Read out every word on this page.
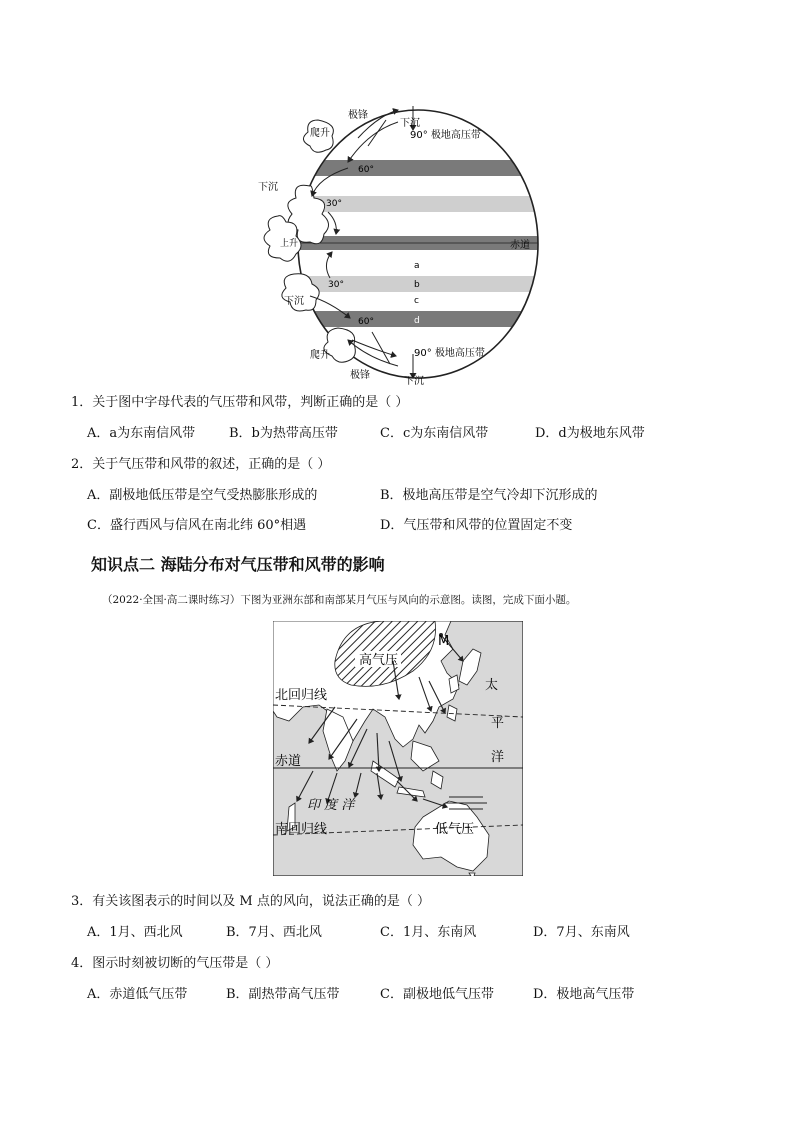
极锋
下沉
90° 极地高压带
爬升
60°
下沉
30°
上升	赤道
a
下沉
30°	b
c
60°	d
90° 极地高压带
爬升
极锋
下沉
1．关于图中字母代表的气压带和风带，判断正确的是（ ）
A．a为东南信风带	B．b为热带高压带	C．c为东南信风带	D．d为极地东风带
2．关于气压带和风带的叙述，正确的是（ ）
A．副极地低压带是空气受热膨胀形成的	B．极地高压带是空气冷却下沉形成的
C．盛行西风与信风在南北纬 60°相遇	D．气压带和风带的位置固定不变
知识点二 海陆分布对气压带和风带的影响
（2022·全国·高二课时练习）下图为亚洲东部和南部某月气压与风向的示意图。读图，完成下面小题。
高气压
M
北回归线
赤道
印 度 洋
南回归线	低气压
太
平
洋
3．有关该图表示的时间以及 M 点的风向，说法正确的是（ ）
A．1月、西北风	B．7月、西北风	C．1月、东南风	D．7月、东南风
4．图示时刻被切断的气压带是（ ）
A．赤道低气压带	B．副热带高气压带	C．副极地低气压带	D．极地高气压带
